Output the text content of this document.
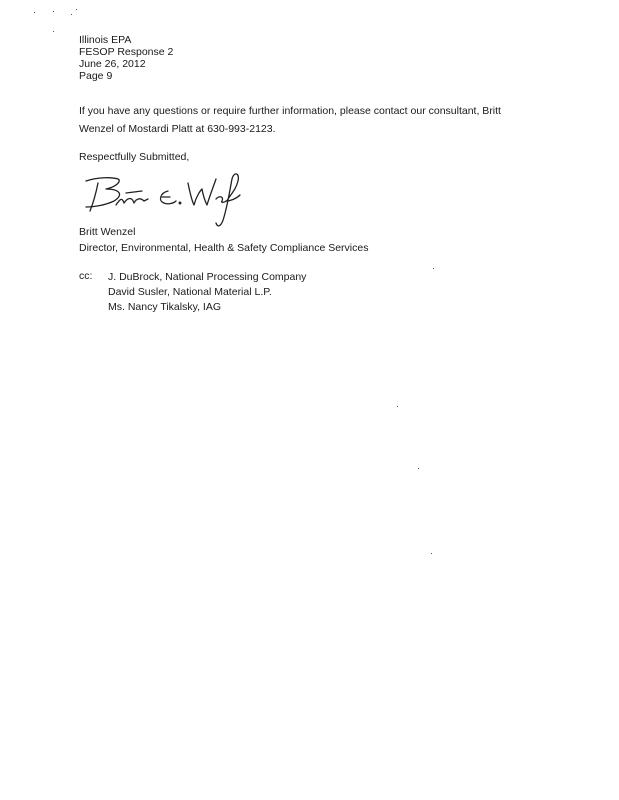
Illinois EPA
FESOP Response 2
June 26, 2012
Page 9
If you have any questions or require further information, please contact our consultant, Britt
Wenzel of Mostardi Platt at 630-993-2123.
Respectfully Submitted,
Britt Wenzel
Director, Environmental, Health & Safety Compliance Services
cc: J. DuBrock, National Processing Company
David Susler, National Material L.P.
Ms. Nancy Tikalsky, IAG
